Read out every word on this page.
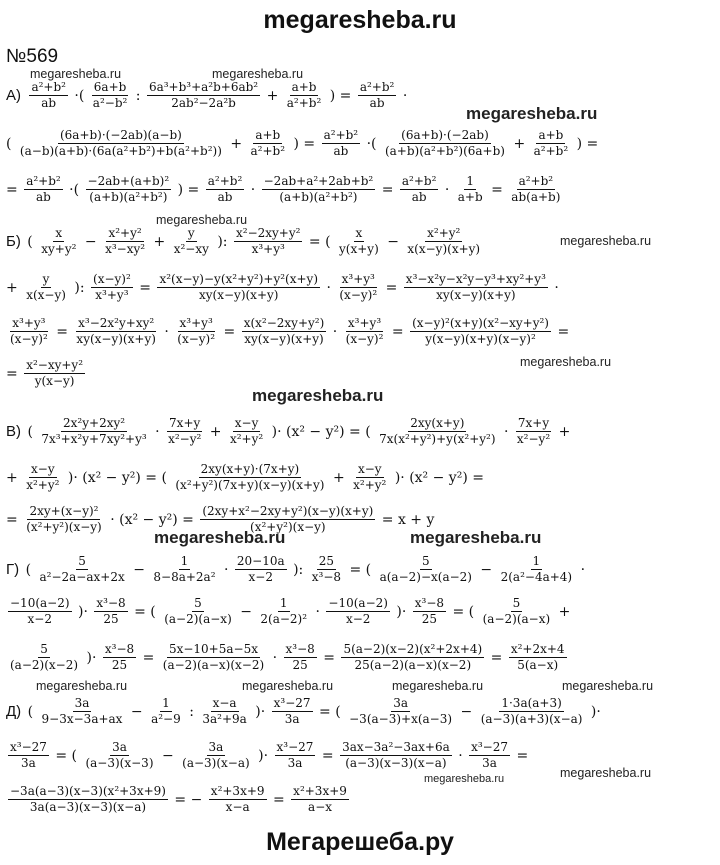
megaresheba.ru
№569
megaresheba.ru	megaresheba.ru
megaresheba.ru
megaresheba.ru
megaresheba.ru
megaresheba.ru
megaresheba.ru
megaresheba.ru	megaresheba.ru
megaresheba.ru	megaresheba.ru	megaresheba.ru	megaresheba.ru
megaresheba.ru	megaresheba.ru
$А) \frac{\text{a²+b²}}{ab}$ ·( $\frac{6a+b}{\text{a²−b²}}$ : $\frac{\text{6a³+b³+a²b+6ab²}}{\text{2ab²−2a²b}} + \frac{a+b}{\text{a²+b²}}$ ) = $\frac{\text{a²+b²}}{ab}$ ·
( $\frac{(6a+b)\cdot(-2ab)(a-b)}{\text{(a−b)(a+b)·(6a(a²+b²)+b(a²+b²))}} + \frac{a+b}{\text{a²+b²}}$ ) = $\frac{\text{a²+b²}}{ab}$ ·( $\frac{(6a+b)\cdot(-2ab)}{\text{(a+b)(a²+b²)(6a+b)}} + \frac{a+b}{\text{a²+b²}}$ ) =
= $\frac{\text{a²+b²}}{ab}$ ·( $\frac{\text{−2ab+(a+b)²}}{\text{(a+b)(a²+b²)}}$ ) = $\frac{\text{a²+b²}}{ab} \cdot \frac{\text{−2ab+a²+2ab+b²}}{\text{(a+b)(a²+b²)}} = \frac{\text{a²+b²}}{ab} \cdot \frac{1}{a+b} = \frac{\text{a²+b²}}{ab(a+b)}$
Б) ( $\frac{x}{\text{xy+y²}} - \frac{\text{x²+y²}}{\text{x³−xy²}} + \frac{y}{\text{x²−xy}}$ ): $\frac{\text{x²−2xy+y²}}{\text{x³+y³}}$ = ( $\frac{x}{y(x+y)} - \frac{\text{x²+y²}}{x(x-y)(x+y)}$
+ $\frac{y}{x(x-y)}$ ): $\frac{\text{(x−y)²}}{\text{x³+y³}} = \frac{\text{x²(x−y)−y(x²+y²)+y²(x+y)}}{xy(x-y)(x+y)} \cdot \frac{\text{x³+y³}}{\text{(x−y)²}} = \frac{\text{x³−x²y−x²y−y³+xy²+y³}}{xy(x-y)(x+y)}$ ·
$\frac{\text{x³+y³}}{\text{(x−y)²}} = \frac{\text{x³−2x²y+xy²}}{xy(x-y)(x+y)} \cdot \frac{\text{x³+y³}}{\text{(x−y)²}} = \frac{\text{x(x²−2xy+y²)}}{xy(x-y)(x+y)} \cdot \frac{\text{x³+y³}}{\text{(x−y)²}} = \frac{\text{(x−y)²(x+y)(x²−xy+y²)}}{\text{y(x−y)(x+y)(x−y)²}}$ =
= $\frac{\text{x²−xy+y²}}{y(x-y)}$
В) ( $\frac{\text{2x²y+2xy²}}{\text{7x³+x²y+7xy²+y³}} \cdot \frac{7x+y}{\text{x²−y²}} + \frac{x-y}{\text{x²+y²}}$ )· (x² − y²) = ( $\frac{2xy(x+y)}{\text{7x(x²+y²)+y(x²+y²)}} \cdot \frac{7x+y}{\text{x²−y²}}$ +
+ $\frac{x-y}{\text{x²+y²}}$ )· (x² − y²) = ( $\frac{2xy(x+y)\cdot(7x+y)}{\text{(x²+y²)(7x+y)(x−y)(x+y)}} + \frac{x-y}{\text{x²+y²}}$ )· (x² − y²) =
= $\frac{\text{2xy+(x−y)²}}{\text{(x²+y²)(x−y)}} \cdot (x^2 - y^2) = \frac{\text{(2xy+x²−2xy+y²)(x−y)(x+y)}}{\text{(x²+y²)(x−y)}} = x + y$
Г) ( $\frac{5}{\text{a²−2a−ax+2x}} - \frac{1}{\text{8−8a+2a²}} \cdot \frac{20-10a}{x-2}$ ): $\frac{25}{\text{x³−8}}$ = ( $\frac{5}{a(a-2)-x(a-2)} - \frac{1}{\text{2(a²−4a+4)}}$ ·
$\frac{-10(a-2)}{x-2}$ )· $\frac{\text{x³−8}}{25}$ = ( $\frac{5}{(a-2)(a-x)} - \frac{1}{\text{2(a−2)²}} \cdot \frac{-10(a-2)}{x-2}$ )· $\frac{\text{x³−8}}{25}$ = ( $\frac{5}{(a-2)(a-x)}$ +
$\frac{5}{(a-2)(x-2)}$ )· $\frac{\text{x³−8}}{25} = \frac{5x-10+5a-5x}{(a-2)(a-x)(x-2)} \cdot \frac{\text{x³−8}}{25} = \frac{\text{5(a−2)(x−2)(x²+2x+4)}}{25(a-2)(a-x)(x-2)} = \frac{\text{x²+2x+4}}{5(a-x)}$
Д) ( $\frac{3a}{9-3x-3a+ax} - \frac{1}{\text{a²−9}}$ : $\frac{x-a}{\text{3a²+9a}}$ )· $\frac{\text{x³−27}}{3a}$ = ( $\frac{3a}{-3(a-3)+x(a-3)} - \frac{1\cdot 3a(a+3)}{(a-3)(a+3)(x-a)}$ )·
$\frac{\text{x³−27}}{3a}$ = ( $\frac{3a}{(a-3)(x-3)} - \frac{3a}{(a-3)(x-a)}$ )· $\frac{\text{x³−27}}{3a} = \frac{\text{3ax−3a²−3ax+6a}}{(a-3)(x-3)(x-a)} \cdot \frac{\text{x³−27}}{3a}$ =
$\frac{\text{−3a(a−3)(x−3)(x²+3x+9)}}{3a(a-3)(x-3)(x-a)}$ = − $\frac{\text{x²+3x+9}}{x-a} = \frac{\text{x²+3x+9}}{a-x}$
Мегарешеба.ру
